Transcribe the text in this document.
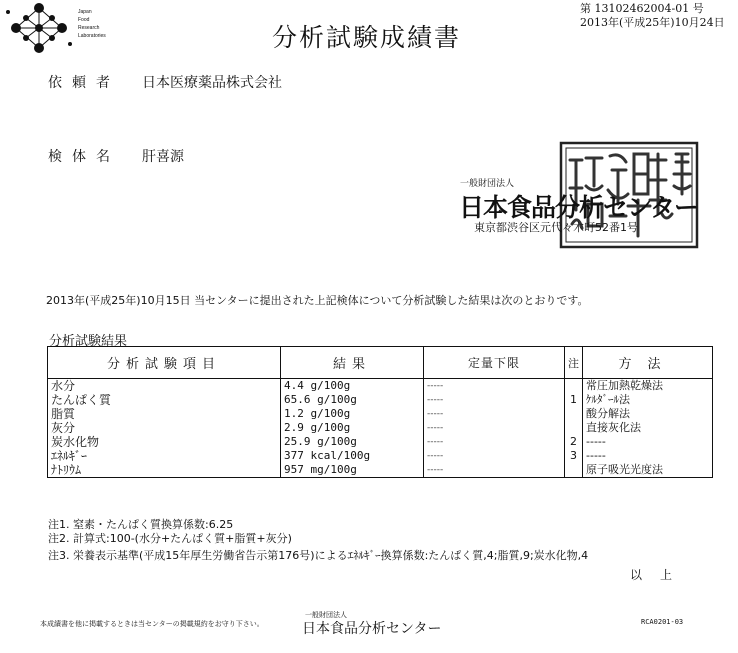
Japan
Food
Research
Laboratories	分析試験成績書
第 13102462004-01 号
2013年(平成25年)10月24日
依頼者 日本医療薬品株式会社
検体名 肝喜源
一般財団法人
日本食品分析センター
東京都渋谷区元代々木町52番1号
2013年(平成25年)10月15日 当センターに提出された上記検体について分析試験した結果は次のとおりです。
分析試験結果
分析試験項目	結果	定量下限	注	方法
水分	4.4 g/100g	-----		常圧加熱乾燥法
たんぱく質	65.6 g/100g	-----	1	ｹﾙﾀﾞｰﾙ法
脂質	1.2 g/100g	-----		酸分解法
灰分	2.9 g/100g	-----		直接灰化法
炭水化物	25.9 g/100g	-----	2	-----
ｴﾈﾙｷﾞｰ	377 kcal/100g	-----	3	-----
ﾅﾄﾘｳﾑ	957 mg/100g	-----		原子吸光光度法
注1. 窒素・たんぱく質換算係数:6.25
注2. 計算式:100-(水分+たんぱく質+脂質+灰分)
注3. 栄養表示基準(平成15年厚生労働省告示第176号)によるｴﾈﾙｷﾞｰ換算係数:たんぱく質,4;脂質,9;炭水化物,4
以上
本成績書を他に掲載するときは当センターの掲載規約をお守り下さい。
一般財団法人
日本食品分析センター	RCA0201-03
